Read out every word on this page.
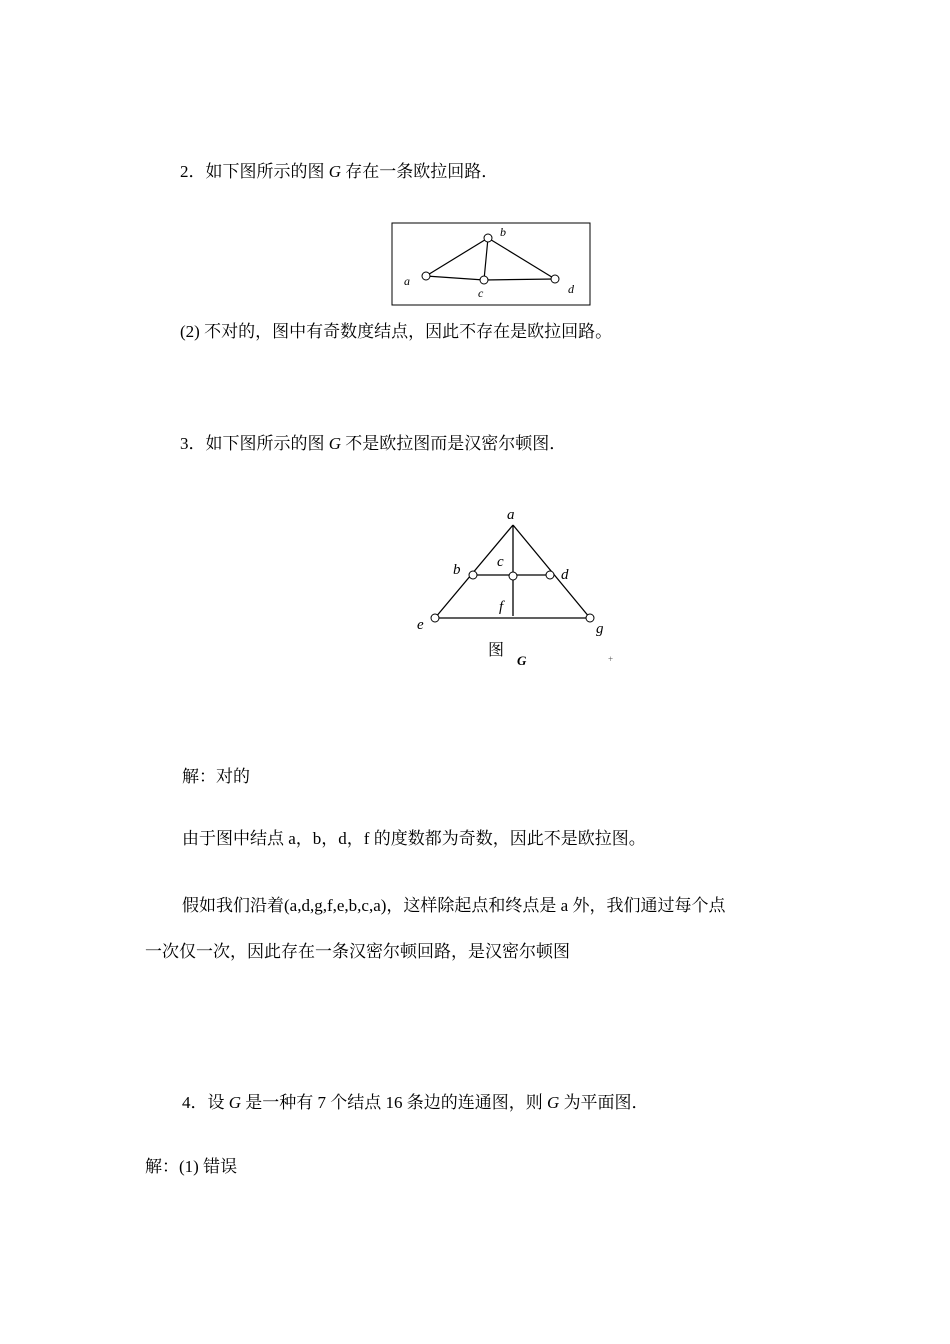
2．如下图所示的图 G 存在一条欧拉回路．
a
b
c	d
(2) 不对的，图中有奇数度结点，因此不存在是欧拉回路。
3．如下图所示的图 G 不是欧拉图而是汉密尔顿图．
a
b c
d
e
f
g
图
G	+
解：对的
由于图中结点 a，b，d，f 的度数都为奇数，因此不是欧拉图。
假如我们沿着(a,d,g,f,e,b,c,a)，这样除起点和终点是 a 外，我们通过每个点
一次仅一次，因此存在一条汉密尔顿回路，是汉密尔顿图
4．设 G 是一种有 7 个结点 16 条边的连通图，则 G 为平面图．
解：(1) 错误
